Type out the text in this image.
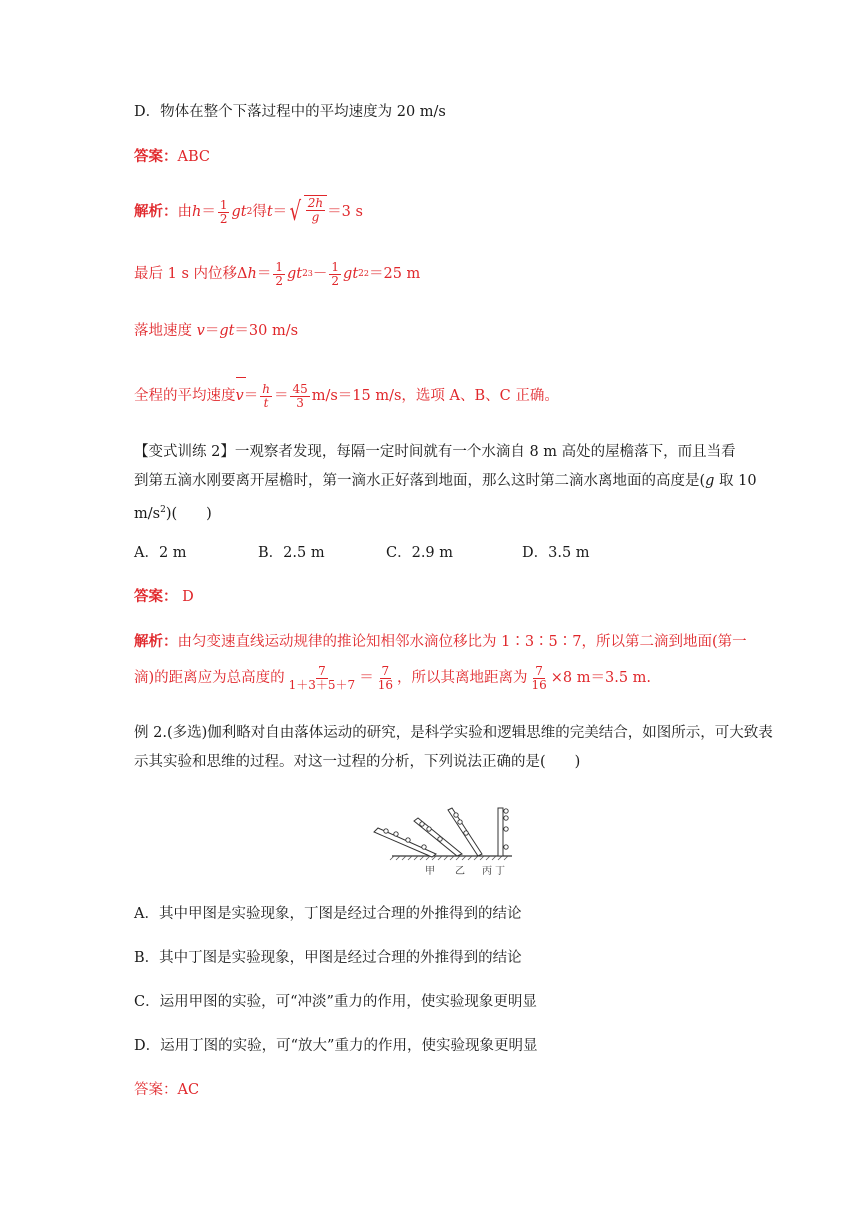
D．物体在整个下落过程中的平均速度为 20 m/s
答案：ABC
解析： 由 $h = \frac{1}{2}$ gt 2 得 t ＝ √ $\frac{2h}{g} =3$ s
最后 1 s 内位移Δ $h = \frac{1}{2}$ gt 2 $3 - \frac{1}{2}$ gt 2 2 ＝25 m
落地速度 v＝gt＝30 m/s
全程的平均速度 $v = \frac{h}{t} = \frac{45}{3} m/s=15$ m/s，选项 A、B、C 正确。
【变式训练 2】一观察者发现，每隔一定时间就有一个水滴自 8 m 高处的屋檐落下，而且当看
到第五滴水刚要离开屋檐时，第一滴水正好落到地面，那么这时第二滴水离地面的高度是(g 取 10
$m/s^2$)(　　)
A．2 m	B．2.5 m	C．2.9 m	D．3.5 m
答案： D
解析：由匀变速直线运动规律的推论知相邻水滴位移比为 1∶3∶5∶7，所以第二滴到地面(第一
滴)的距离应为总高度的 $\frac{7}{1+3+5+7} = \frac{7}{16}$ ，所以其离地距离为 $\frac{7}{16} \times 8$ m＝3.5 m.
例 2.(多选)伽利略对自由落体运动的研究，是科学实验和逻辑思维的完美结合，如图所示，可大致表
示其实验和思维的过程。对这一过程的分析，下列说法正确的是(　　)
甲 乙 丙 丁
A．其中甲图是实验现象，丁图是经过合理的外推得到的结论
B．其中丁图是实验现象，甲图是经过合理的外推得到的结论
C．运用甲图的实验，可“冲淡”重力的作用，使实验现象更明显
D．运用丁图的实验，可“放大”重力的作用，使实验现象更明显
答案：AC
